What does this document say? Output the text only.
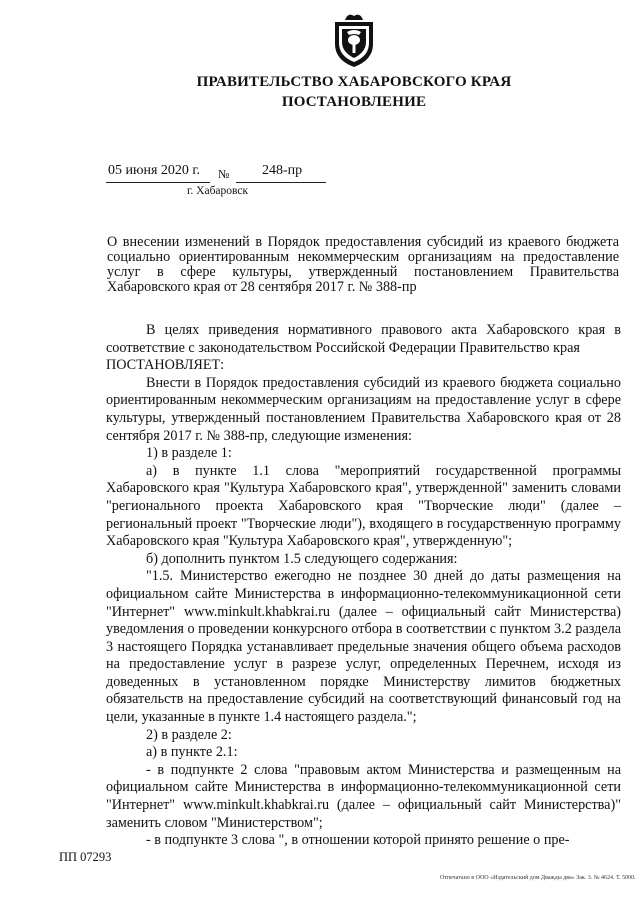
ПРАВИТЕЛЬСТВО ХАБАРОВСКОГО КРАЯ
ПОСТАНОВЛЕНИЕ
05 июня 2020 г. № 248-пр
г. Хабаровск
О внесении изменений в Порядок предоставления субсидий из краевого бюджета социально ориентированным некоммерческим организациям на предоставление услуг в сфере культуры, утвержденный постановлением Правительства Хабаровского края от 28 сентября 2017 г. № 388-пр

В целях приведения нормативного правового акта Хабаровского края в соответствие с законодательством Российской Федерации Правительство края

ПОСТАНОВЛЯЕТ:

Внести в Порядок предоставления субсидий из краевого бюджета социально ориентированным некоммерческим организациям на предоставление услуг в сфере культуры, утвержденный постановлением Правительства Хабаровского края от 28 сентября 2017 г. № 388-пр, следующие изменения:

1) в разделе 1:

а) в пункте 1.1 слова "мероприятий государственной программы Хабаровского края "Культура Хабаровского края", утвержденной" заменить словами "регионального проекта Хабаровского края "Творческие люди" (далее – региональный проект "Творческие люди"), входящего в государственную программу Хабаровского края "Культура Хабаровского края", утвержденную";

б) дополнить пунктом 1.5 следующего содержания:

"1.5. Министерство ежегодно не позднее 30 дней до даты размещения на официальном сайте Министерства в информационно-телекоммуникационной сети "Интернет" www.minkult.khabkrai.ru (далее – официальный сайт Министерства) уведомления о проведении конкурсного отбора в соответствии с пунктом 3.2 раздела 3 настоящего Порядка устанавливает предельные значения общего объема расходов на предоставление услуг в разрезе услуг, определенных Перечнем, исходя из доведенных в установленном порядке Министерству лимитов бюджетных обязательств на предоставление субсидий на соответствующий финансовый год на цели, указанные в пункте 1.4 настоящего раздела.";

2) в разделе 2:

а) в пункте 2.1:

- в подпункте 2 слова "правовым актом Министерства и размещенным на официальном сайте Министерства в информационно-телекоммуникационной сети "Интернет" www.minkult.khabkrai.ru (далее – официальный сайт Министерства)" заменить словом "Министерством";

- в подпункте 3 слова ", в отношении которой принято решение о пре-

ПП 07293
Отпечатано в ООО «Издательский дом Дважды два» Зак. 3. № 4624. Т. 5000.
